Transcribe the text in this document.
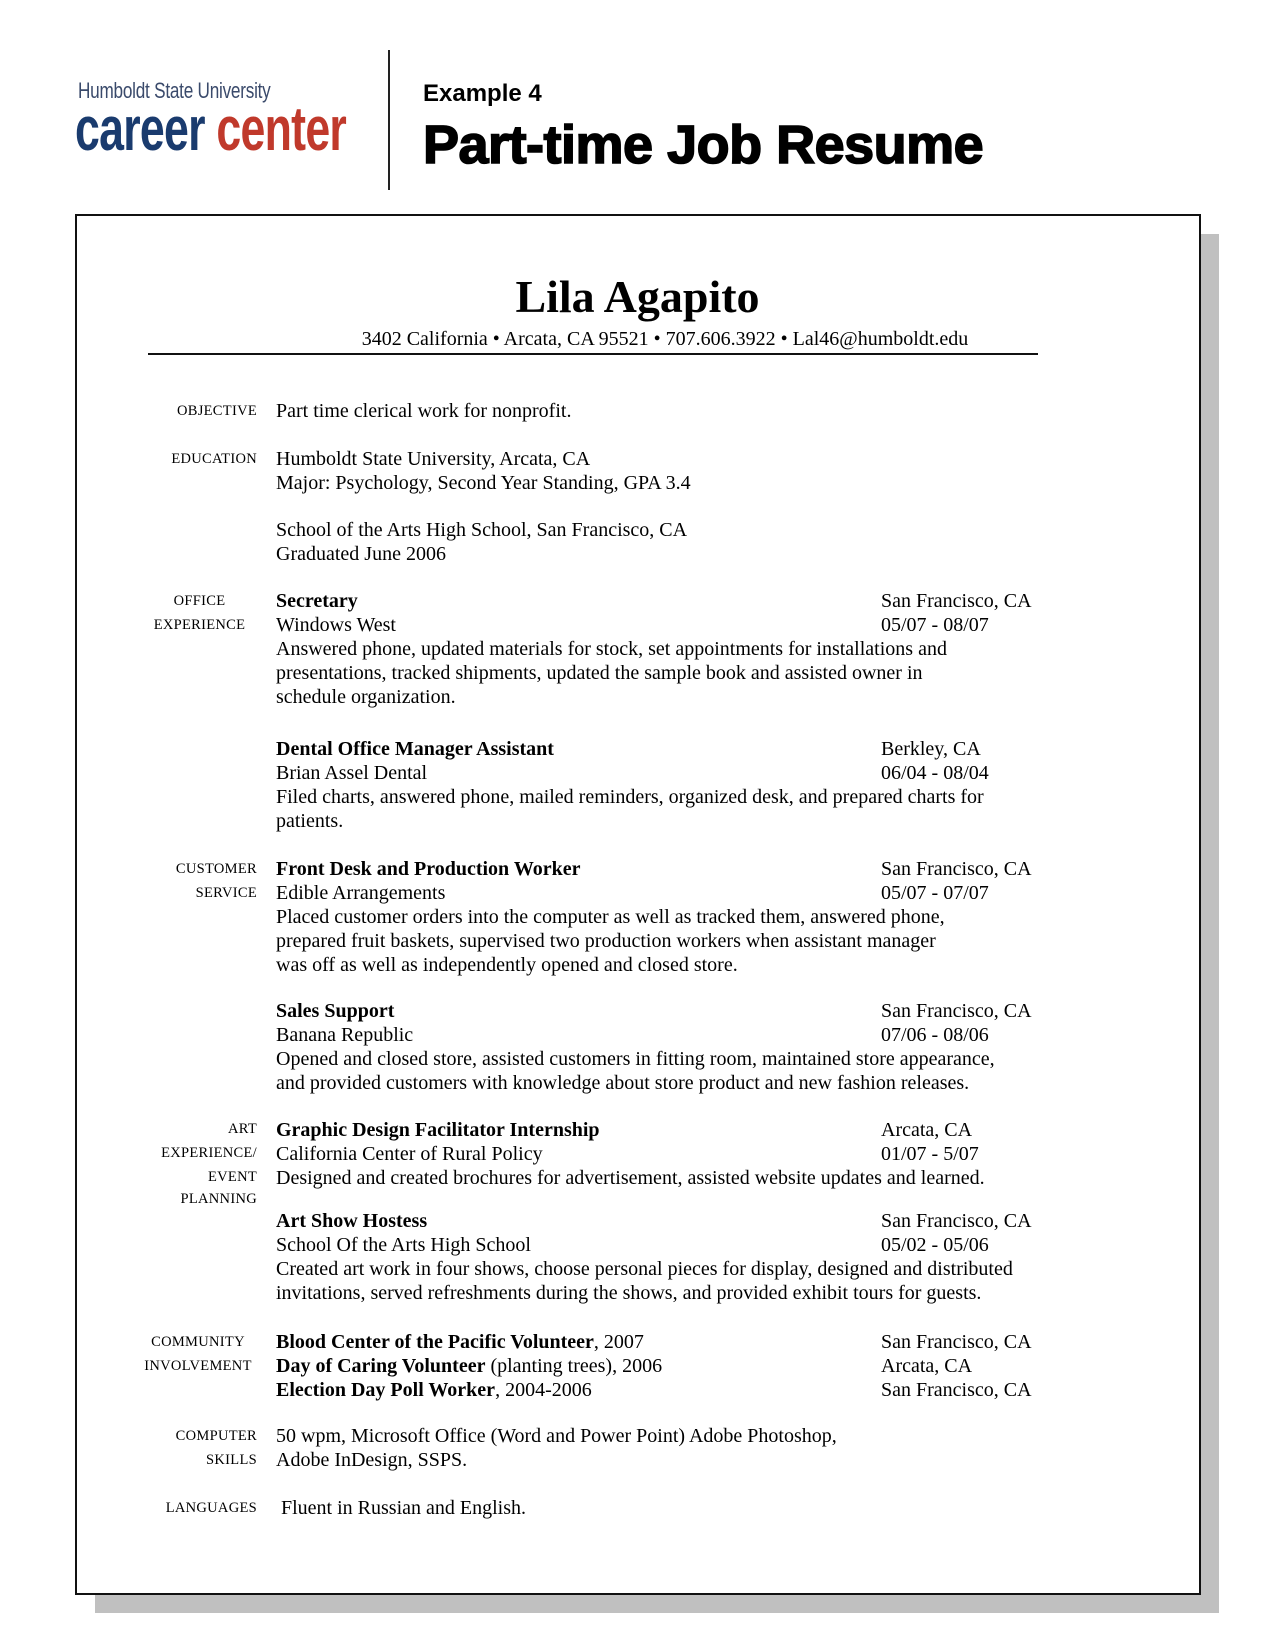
Humboldt State University
career center
Example 4
Part-time Job Resume
Lila Agapito
3402 California • Arcata, CA 95521 • 707.606.3922 • Lal46@humboldt.edu
OBJECTIVE Part time clerical work for nonprofit.
EDUCATION Humboldt State University, Arcata, CA
Major: Psychology, Second Year Standing, GPA 3.4
School of the Arts High School, San Francisco, CA
Graduated June 2006
OFFICE
EXPERIENCE
Secretary	San Francisco, CA
Windows West	05/07 - 08/07
Answered phone, updated materials for stock, set appointments for installations and
presentations, tracked shipments, updated the sample book and assisted owner in
schedule organization.
Dental Office Manager Assistant	Berkley, CA
Brian Assel Dental	06/04 - 08/04
Filed charts, answered phone, mailed reminders, organized desk, and prepared charts for
patients.
CUSTOMER
SERVICE
Front Desk and Production Worker	San Francisco, CA
Edible Arrangements	05/07 - 07/07
Placed customer orders into the computer as well as tracked them, answered phone,
prepared fruit baskets, supervised two production workers when assistant manager
was off as well as independently opened and closed store.
Sales Support	San Francisco, CA
Banana Republic	07/06 - 08/06
Opened and closed store, assisted customers in fitting room, maintained store appearance,
and provided customers with knowledge about store product and new fashion releases.
ART
EXPERIENCE/
EVENT
PLANNING
Graphic Design Facilitator Internship	Arcata, CA
California Center of Rural Policy	01/07 - 5/07
Designed and created brochures for advertisement, assisted website updates and learned.
Art Show Hostess	San Francisco, CA
School Of the Arts High School	05/02 - 05/06
Created art work in four shows, choose personal pieces for display, designed and distributed
invitations, served refreshments during the shows, and provided exhibit tours for guests.
COMMUNITY
INVOLVEMENT
Blood Center of the Pacific Volunteer, 2007	San Francisco, CA
Day of Caring Volunteer (planting trees), 2006	Arcata, CA
Election Day Poll Worker, 2004-2006	San Francisco, CA
COMPUTER
SKILLS
50 wpm, Microsoft Office (Word and Power Point) Adobe Photoshop,
Adobe InDesign, SSPS.
LANGUAGES Fluent in Russian and English.
